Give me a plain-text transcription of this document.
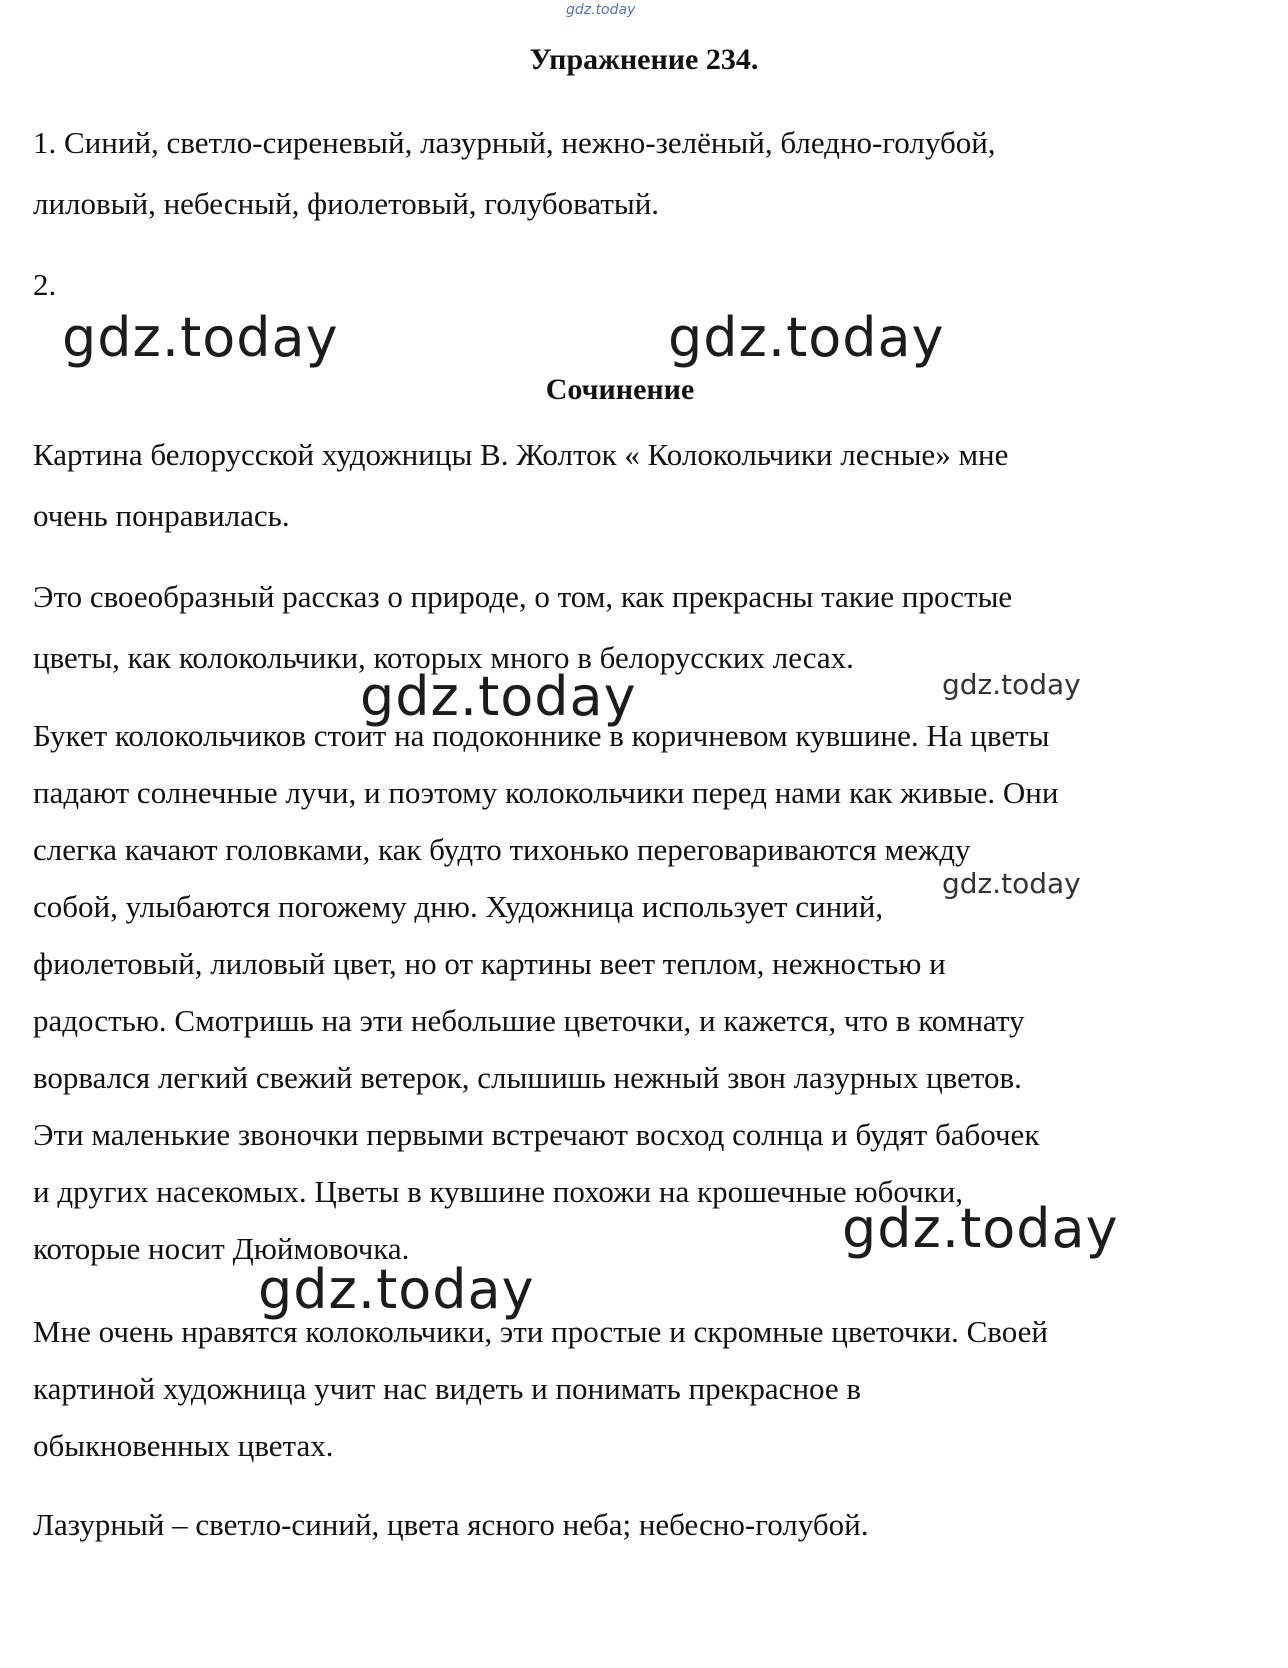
gdz.today
Упражнение 234.
1. Синий, светло-сиреневый, лазурный, нежно-зелёный, бледно-голубой,
лиловый, небесный, фиолетовый, голубоватый.
2.
Сочинение
Картина белорусской художницы В. Жолток « Колокольчики лесные» мне
очень понравилась.
Это своеобразный рассказ о природе, о том, как прекрасны такие простые
цветы, как колокольчики, которых много в белорусских лесах.
Букет колокольчиков стоит на подоконнике в коричневом кувшине. На цветы
падают солнечные лучи, и поэтому колокольчики перед нами как живые. Они
слегка качают головками, как будто тихонько переговариваются между
собой, улыбаются погожему дню. Художница использует синий,
фиолетовый, лиловый цвет, но от картины веет теплом, нежностью и
радостью. Смотришь на эти небольшие цветочки, и кажется, что в комнату
ворвался легкий свежий ветерок, слышишь нежный звон лазурных цветов.
Эти маленькие звоночки первыми встречают восход солнца и будят бабочек
и других насекомых. Цветы в кувшине похожи на крошечные юбочки,
которые носит Дюймовочка.
Мне очень нравятся колокольчики, эти простые и скромные цветочки. Своей
картиной художница учит нас видеть и понимать прекрасное в
обыкновенных цветах.
Лазурный – светло-синий, цвета ясного неба; небесно-голубой.
gdz.today	gdz.today
gdz.today	gdz.today
gdz.today
gdz.today
gdz.today
